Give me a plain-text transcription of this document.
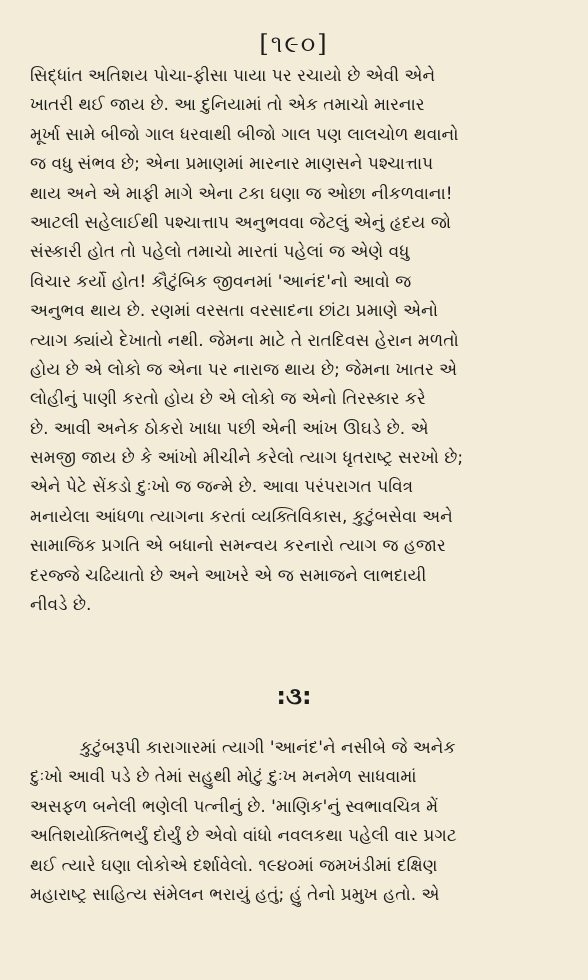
[૧૯૦]
સિદ્ધાંત અતિશય પોચા-ફીસા પાયા પર રચાયો છે એવી એને
ખાતરી થઈ જાય છે. આ દુનિયામાં તો એક તમાચો મારનાર
મૂર્ખા સામે બીજો ગાલ ધરવાથી બીજો ગાલ પણ લાલચોળ થવાનો
જ વધુ સંભવ છે; એના પ્રમાણમાં મારનાર માણસને પશ્ચાત્તાપ
થાય અને એ માફી માગે એના ટકા ઘણા જ ઓછા નીકળવાના!
આટલી સહેલાઈથી પશ્ચાત્તાપ અનુભવવા જેટલું એનું હૃદય જો
સંસ્કારી હોત તો પહેલો તમાચો મારતાં પહેલાં જ એણે વધુ
વિચાર કર્યો હોત! કૌટુંબિક જીવનમાં 'આનંદ'નો આવો જ
અનુભવ થાય છે. રણમાં વરસતા વરસાદના છાંટા પ્રમાણે એનો
ત્યાગ ક્યાંયે દેખાતો નથી. જેમના માટે તે રાતદિવસ હેરાન મળતો
હોય છે એ લોકો જ એના પર નારાજ થાય છે; જેમના ખાતર એ
લોહીનું પાણી કરતો હોય છે એ લોકો જ એનો તિરસ્કાર કરે
છે. આવી અનેક ઠોકરો ખાધા પછી એની આંખ ઊઘડે છે. એ
સમજી જાય છે કે આંખો મીચીને કરેલો ત્યાગ ધૃતરાષ્ટ્ર સરખો છે;
એને પેટે સેંકડો દુઃખો જ જન્મે છે. આવા પરંપરાગત પવિત્ર
મનાયેલા આંધળા ત્યાગના કરતાં વ્યક્તિવિકાસ, કુટુંબસેવા અને
સામાજિક પ્રગતિ એ બધાનો સમન્વય કરનારો ત્યાગ જ હજાર
દરજ્જે ચઢિયાતો છે અને આખરે એ જ સમાજને લાભદાયી
નીવડે છે.
:૩:
કુટુંબરૂપી કારાગારમાં ત્યાગી 'આનંદ'ને નસીબે જે અનેક
દુઃખો આવી પડે છે તેમાં સહુથી મોટું દુઃખ મનમેળ સાધવામાં
અસફળ બનેલી ભણેલી પત્નીનું છે. 'માણિક'નું સ્વભાવચિત્ર મેં
અતિશયોક્તિભર્યું દોર્યું છે એવો વાંધો નવલકથા પહેલી વાર પ્રગટ
થઈ ત્યારે ઘણા લોકોએ દર્શાવેલો. ૧૯૪૦માં જમખંડીમાં દક્ષિણ
મહારાષ્ટ્ર સાહિત્ય સંમેલન ભરાયું હતું; હું તેનો પ્રમુખ હતો. એ
